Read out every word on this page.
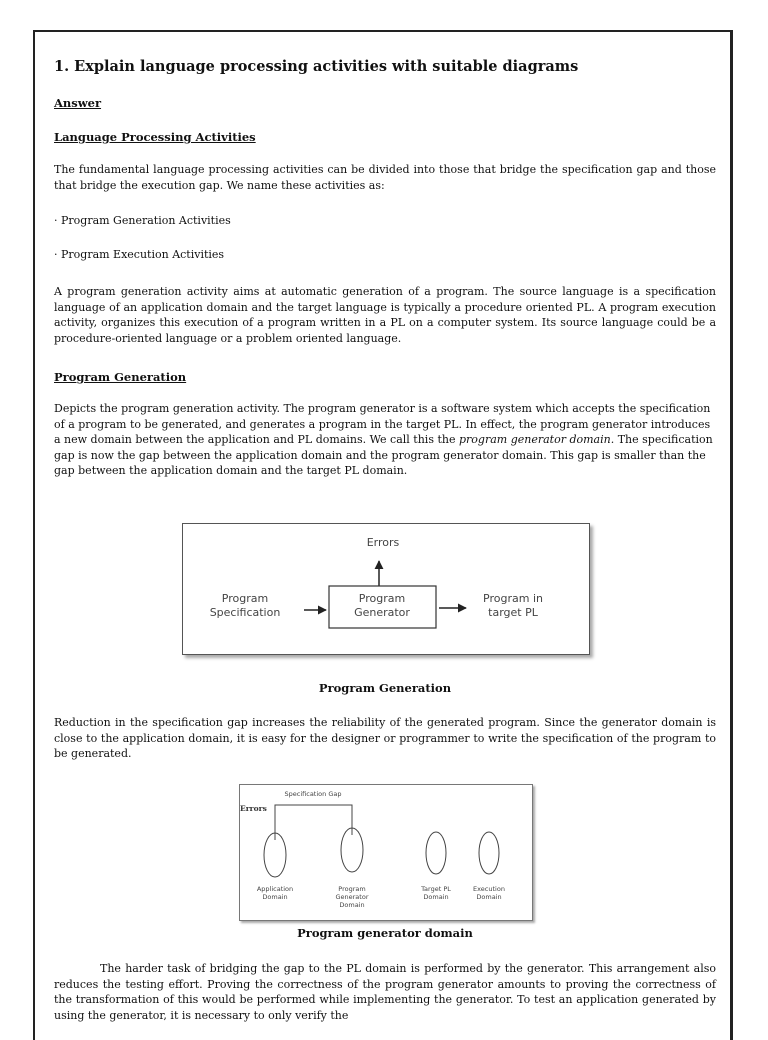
1. Explain language processing activities with suitable diagrams
Answer
Language Processing Activities

The fundamental language processing activities can be divided into those that bridge the specification gap and those that bridge the execution gap. We name these activities as:

· Program Generation Activities
· Program Execution Activities

A program generation activity aims at automatic generation of a program. The source language is a specification language of an application domain and the target language is typically a procedure oriented PL. A program execution activity, organizes this execution of a program written in a PL on a computer system. Its source language could be a procedure-oriented language or a problem oriented language.

Program Generation

Depicts the program generation activity. The program generator is a software system which accepts the specification of a program to be generated, and generates a program in the target PL. In effect, the program generator introduces a new domain between the application and PL domains. We call this the program generator domain. The specification gap is now the gap between the application domain and the program generator domain. This gap is smaller than the gap between the application domain and the target PL domain.

Errors
Program
Specification
Program
Generator
Program in
target PL
Program Generation

Reduction in the specification gap increases the reliability of the generated program. Since the generator domain is close to the application domain, it is easy for the designer or programmer to write the specification of the program to be generated.

Specification Gap
Errors
Application
Domain
Program
Generator
Domain
Target PL
Domain
Execution
Domain
Program generator domain

The harder task of bridging the gap to the PL domain is performed by the generator. This arrangement also reduces the testing effort. Proving the correctness of the program generator amounts to proving the correctness of the transformation of this would be performed while implementing the generator. To test an application generated by using the generator, it is necessary to only verify the
